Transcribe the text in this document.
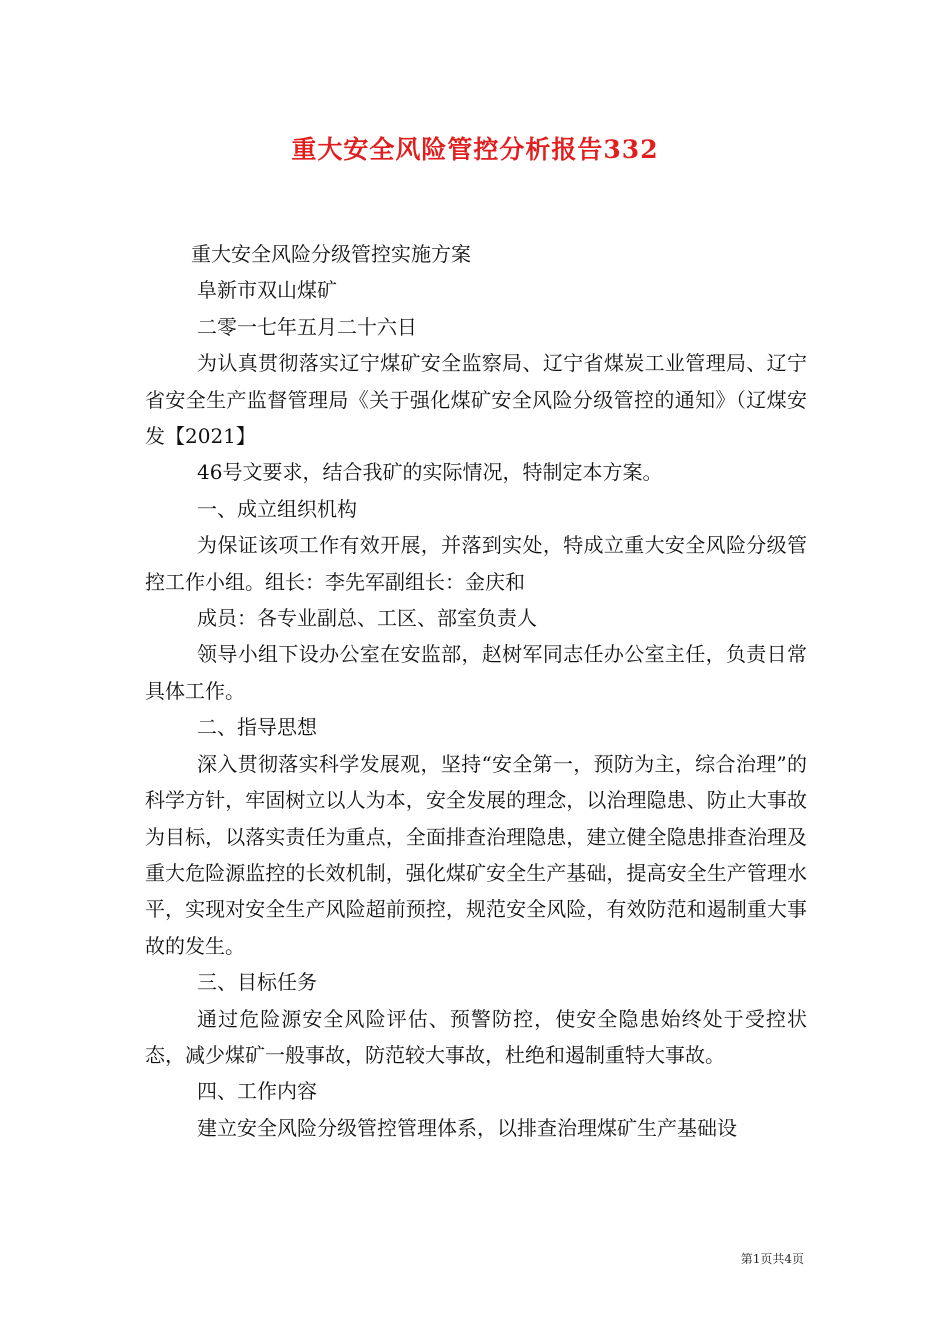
重大安全风险管控分析报告332

重大安全风险分级管控实施方案

阜新市双山煤矿

二零一七年五月二十六日

为认真贯彻落实辽宁煤矿安全监察局、辽宁省煤炭工业管理局、辽宁省安全生产监督管理局《关于强化煤矿安全风险分级管控的通知》（辽煤安发【2021】

46号文要求，结合我矿的实际情况，特制定本方案。

一、成立组织机构

为保证该项工作有效开展，并落到实处，特成立重大安全风险分级管控工作小组。组长：李先军副组长：金庆和

成员：各专业副总、工区、部室负责人

领导小组下设办公室在安监部，赵树军同志任办公室主任，负责日常具体工作。

二、指导思想

深入贯彻落实科学发展观，坚持“安全第一，预防为主，综合治理”的科学方针，牢固树立以人为本，安全发展的理念，以治理隐患、防止大事故为目标，以落实责任为重点，全面排查治理隐患，建立健全隐患排查治理及重大危险源监控的长效机制，强化煤矿安全生产基础，提高安全生产管理水平，实现对安全生产风险超前预控，规范安全风险，有效防范和遏制重大事故的发生。

三、目标任务

通过危险源安全风险评估、预警防控，使安全隐患始终处于受控状态，减少煤矿一般事故，防范较大事故，杜绝和遏制重特大事故。

四、工作内容

建立安全风险分级管控管理体系，以排查治理煤矿生产基础设

第1页共4页
